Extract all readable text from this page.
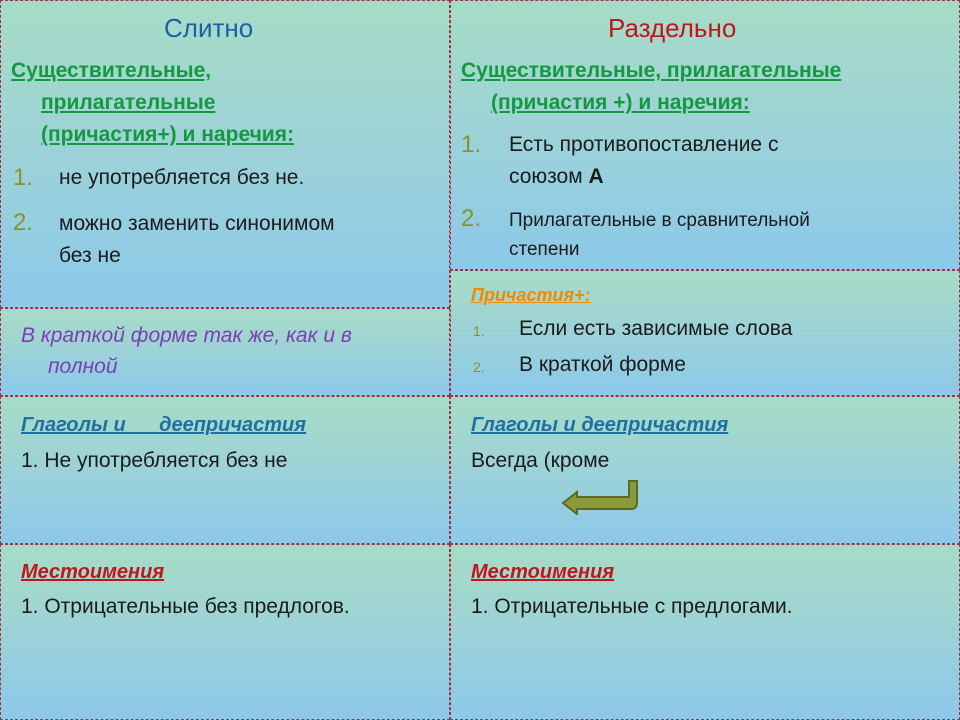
Слитно
Существительные,
прилагательные
(причастия+) и наречия:
1. не употребляется без не.
2. можно заменить синонимом
без не
В краткой форме так же, как и в
полной
Глаголы и      деепричастия
1. Не употребляется без не
Местоимения
1. Отрицательные без предлогов.
Раздельно
Существительные, прилагательные
(причастия +) и наречия:
1. Есть противопоставление с
союзом А
2. Прилагательные в сравнительной
степени
Причастия+:
1. Если есть зависимые слова
2. В краткой форме
Глаголы и деепричастия
Всегда (кроме
Местоимения
1. Отрицательные с предлогами.
